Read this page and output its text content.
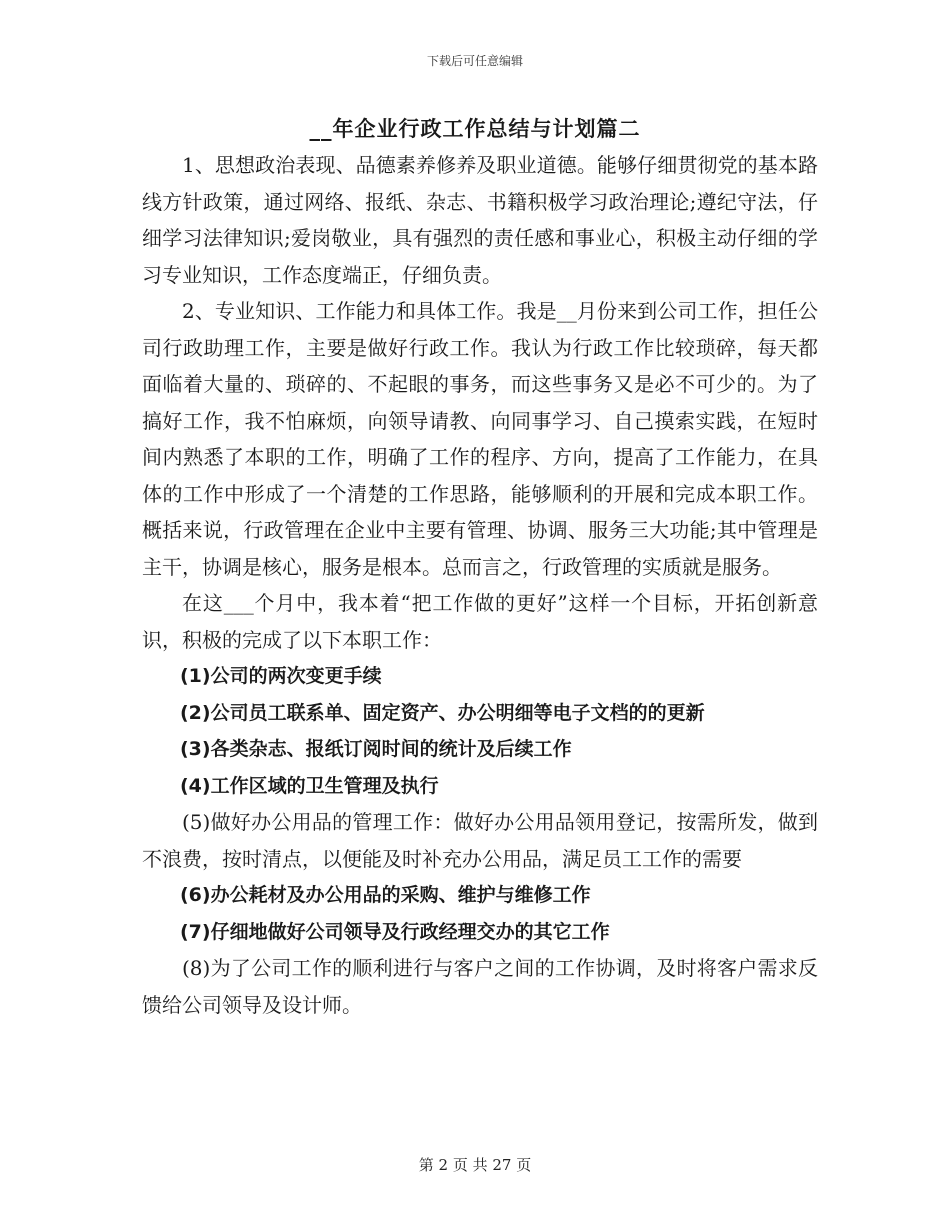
下载后可任意编辑
__年企业行政工作总结与计划篇二

1、思想政治表现、品德素养修养及职业道德。能够仔细贯彻党的基本路线方针政策，通过网络、报纸、杂志、书籍积极学习政治理论;遵纪守法，仔细学习法律知识;爱岗敬业，具有强烈的责任感和事业心，积极主动仔细的学习专业知识，工作态度端正，仔细负责。

2、专业知识、工作能力和具体工作。我是__月份来到公司工作，担任公司行政助理工作，主要是做好行政工作。我认为行政工作比较琐碎，每天都面临着大量的、琐碎的、不起眼的事务，而这些事务又是必不可少的。为了搞好工作，我不怕麻烦，向领导请教、向同事学习、自己摸索实践，在短时间内熟悉了本职的工作，明确了工作的程序、方向，提高了工作能力，在具体的工作中形成了一个清楚的工作思路，能够顺利的开展和完成本职工作。概括来说，行政管理在企业中主要有管理、协调、服务三大功能;其中管理是主干，协调是核心，服务是根本。总而言之，行政管理的实质就是服务。

在这___个月中，我本着“把工作做的更好”这样一个目标，开拓创新意识，积极的完成了以下本职工作：

(1)公司的两次变更手续

(2)公司员工联系单、固定资产、办公明细等电子文档的的更新

(3)各类杂志、报纸订阅时间的统计及后续工作

(4)工作区域的卫生管理及执行

(5)做好办公用品的管理工作：做好办公用品领用登记，按需所发，做到不浪费，按时清点，以便能及时补充办公用品，满足员工工作的需要

(6)办公耗材及办公用品的采购、维护与维修工作

(7)仔细地做好公司领导及行政经理交办的其它工作

(8)为了公司工作的顺利进行与客户之间的工作协调，及时将客户需求反馈给公司领导及设计师。

第 2 页 共 27 页
